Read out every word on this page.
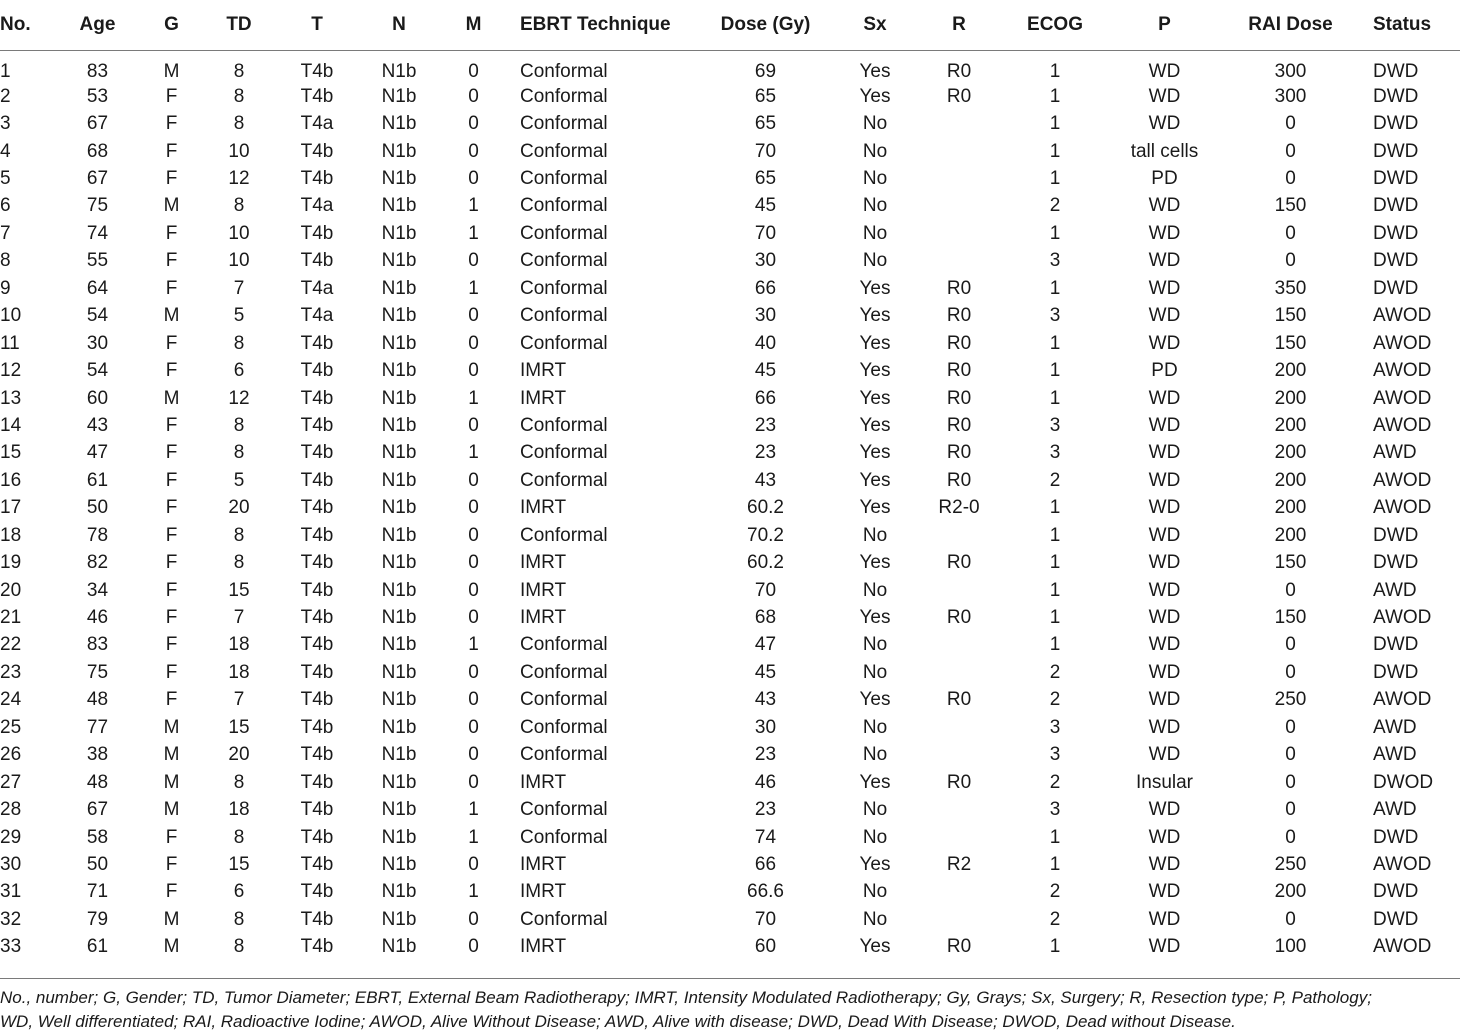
No.	Age	G	TD	T	N	M	EBRT Technique	Dose (Gy)	Sx	R	ECOG	P	RAI Dose	Status
1	83	M	8	T4b	N1b	0	Conformal	69	Yes	R0	1	WD	300	DWD
2	53	F	8	T4b	N1b	0	Conformal	65	Yes	R0	1	WD	300	DWD
3	67	F	8	T4a	N1b	0	Conformal	65	No		1	WD	0	DWD
4	68	F	10	T4b	N1b	0	Conformal	70	No		1	tall cells	0	DWD
5	67	F	12	T4b	N1b	0	Conformal	65	No		1	PD	0	DWD
6	75	M	8	T4a	N1b	1	Conformal	45	No		2	WD	150	DWD
7	74	F	10	T4b	N1b	1	Conformal	70	No		1	WD	0	DWD
8	55	F	10	T4b	N1b	0	Conformal	30	No		3	WD	0	DWD
9	64	F	7	T4a	N1b	1	Conformal	66	Yes	R0	1	WD	350	DWD
10	54	M	5	T4a	N1b	0	Conformal	30	Yes	R0	3	WD	150	AWOD
11	30	F	8	T4b	N1b	0	Conformal	40	Yes	R0	1	WD	150	AWOD
12	54	F	6	T4b	N1b	0	IMRT	45	Yes	R0	1	PD	200	AWOD
13	60	M	12	T4b	N1b	1	IMRT	66	Yes	R0	1	WD	200	AWOD
14	43	F	8	T4b	N1b	0	Conformal	23	Yes	R0	3	WD	200	AWOD
15	47	F	8	T4b	N1b	1	Conformal	23	Yes	R0	3	WD	200	AWD
16	61	F	5	T4b	N1b	0	Conformal	43	Yes	R0	2	WD	200	AWOD
17	50	F	20	T4b	N1b	0	IMRT	60.2	Yes	R2-0	1	WD	200	AWOD
18	78	F	8	T4b	N1b	0	Conformal	70.2	No		1	WD	200	DWD
19	82	F	8	T4b	N1b	0	IMRT	60.2	Yes	R0	1	WD	150	DWD
20	34	F	15	T4b	N1b	0	IMRT	70	No		1	WD	0	AWD
21	46	F	7	T4b	N1b	0	IMRT	68	Yes	R0	1	WD	150	AWOD
22	83	F	18	T4b	N1b	1	Conformal	47	No		1	WD	0	DWD
23	75	F	18	T4b	N1b	0	Conformal	45	No		2	WD	0	DWD
24	48	F	7	T4b	N1b	0	Conformal	43	Yes	R0	2	WD	250	AWOD
25	77	M	15	T4b	N1b	0	Conformal	30	No		3	WD	0	AWD
26	38	M	20	T4b	N1b	0	Conformal	23	No		3	WD	0	AWD
27	48	M	8	T4b	N1b	0	IMRT	46	Yes	R0	2	Insular	0	DWOD
28	67	M	18	T4b	N1b	1	Conformal	23	No		3	WD	0	AWD
29	58	F	8	T4b	N1b	1	Conformal	74	No		1	WD	0	DWD
30	50	F	15	T4b	N1b	0	IMRT	66	Yes	R2	1	WD	250	AWOD
31	71	F	6	T4b	N1b	1	IMRT	66.6	No		2	WD	200	DWD
32	79	M	8	T4b	N1b	0	Conformal	70	No		2	WD	0	DWD
33	61	M	8	T4b	N1b	0	IMRT	60	Yes	R0	1	WD	100	AWOD

No., number; G, Gender; TD, Tumor Diameter; EBRT, External Beam Radiotherapy; IMRT, Intensity Modulated Radiotherapy; Gy, Grays; Sx, Surgery; R, Resection type; P, Pathology;

WD, Well differentiated; RAI, Radioactive Iodine; AWOD, Alive Without Disease; AWD, Alive with disease; DWD, Dead With Disease; DWOD, Dead without Disease.
